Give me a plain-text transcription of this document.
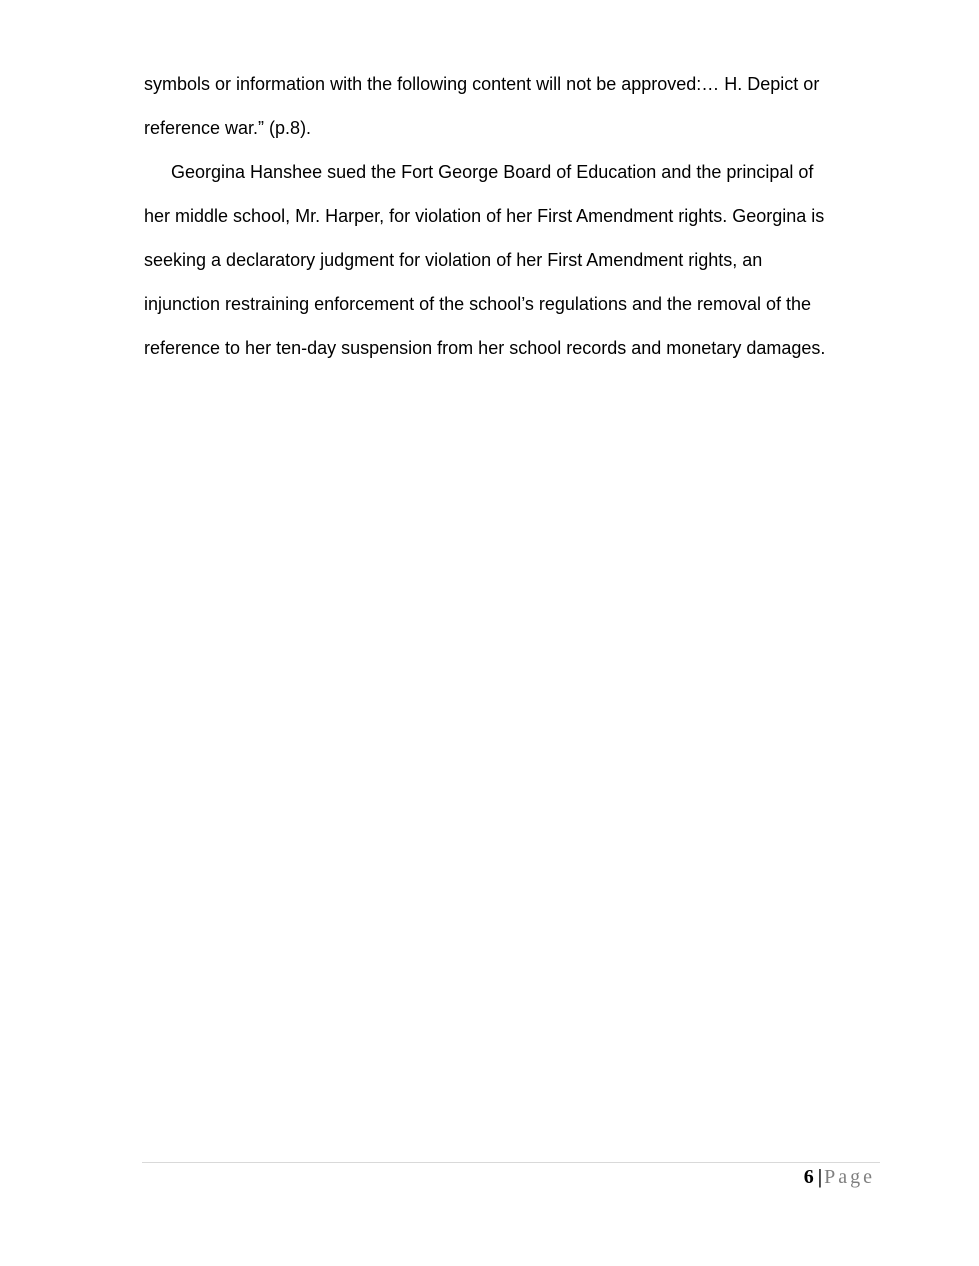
symbols or information with the following content will not be approved:… H. Depict or
reference war.” (p.8).

Georgina Hanshee sued the Fort George Board of Education and the principal of
her middle school, Mr. Harper, for violation of her First Amendment rights. Georgina is
seeking a declaratory judgment for violation of her First Amendment rights, an
injunction restraining enforcement of the school’s regulations and the removal of the
reference to her ten-day suspension from her school records and monetary damages.

6 | Page
